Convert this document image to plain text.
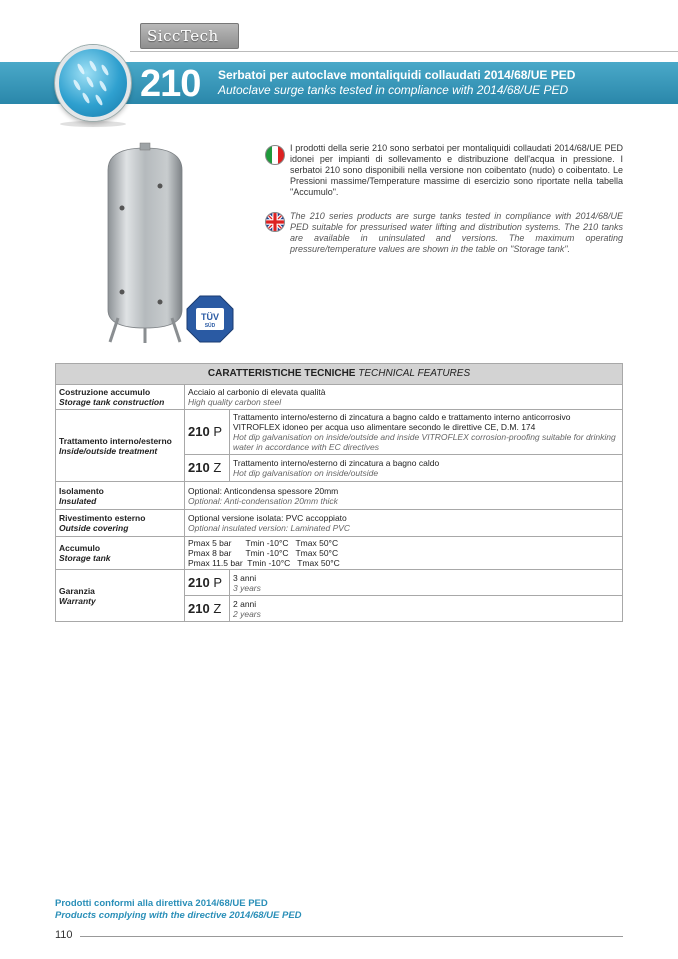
SiccTech
210 Serbatoi per autoclave montaliquidi collaudati 2014/68/UE PED
Autoclave surge tanks tested in compliance with 2014/68/UE PED
TÜV
SÜD
I prodotti della serie 210 sono serbatoi per montaliquidi collaudati 2014/68/UE PED idonei per impianti di sollevamento e distribuzione dell'acqua in pressione. I serbatoi 210 sono disponibili nella versione non coibentato (nudo) o coibentato. Le Pressioni massime/Temperature massime di esercizio sono riportate nella tabella "Accumulo".
The 210 series products are surge tanks tested in compliance with 2014/68/UE PED suitable for pressurised water lifting and distribution systems. The 210 tanks are available in uninsulated and versions. The maximum operating pressure/temperature values are shown in the table on "Storage tank".
CARATTERISTICHE TECNICHE TECHNICAL FEATURES		

Costruzione accumulo
Storage tank construction	Acciaio al carbonio di elevata qualità
High quality carbon steel	

Trattamento interno/esterno
Inside/outside treatment	210 P	Trattamento interno/esterno di zincatura a bagno caldo e trattamento interno anticorrosivo VITROFLEX idoneo per acqua uso alimentare secondo le direttive CE, D.M. 174
Hot dip galvanisation on inside/outside and inside VITROFLEX corrosion-proofing suitable for drinking water in accordance with EC directives

	210 Z	Trattamento interno/esterno di zincatura a bagno caldo
Hot dip galvanisation on inside/outside

Isolamento
Insulated	Optional: Anticondensa spessore 20mm
Optional: Anti-condensation 20mm thick	

Rivestimento esterno
Outside covering	Optional versione isolata: PVC accoppiato
Optional insulated version: Laminated PVC	

Accumulo
Storage tank	Pmax 5 bar      Tmin -10°C   Tmax 50°C
Pmax 8 bar      Tmin -10°C   Tmax 50°C
Pmax 11.5 bar  Tmin -10°C   Tmax 50°C	

Garanzia
Warranty	210 P	3 anni
3 years

	210 Z	2 anni
2 years
Prodotti conformi alla direttiva 2014/68/UE PED
Products complying with the directive 2014/68/UE PED
110
